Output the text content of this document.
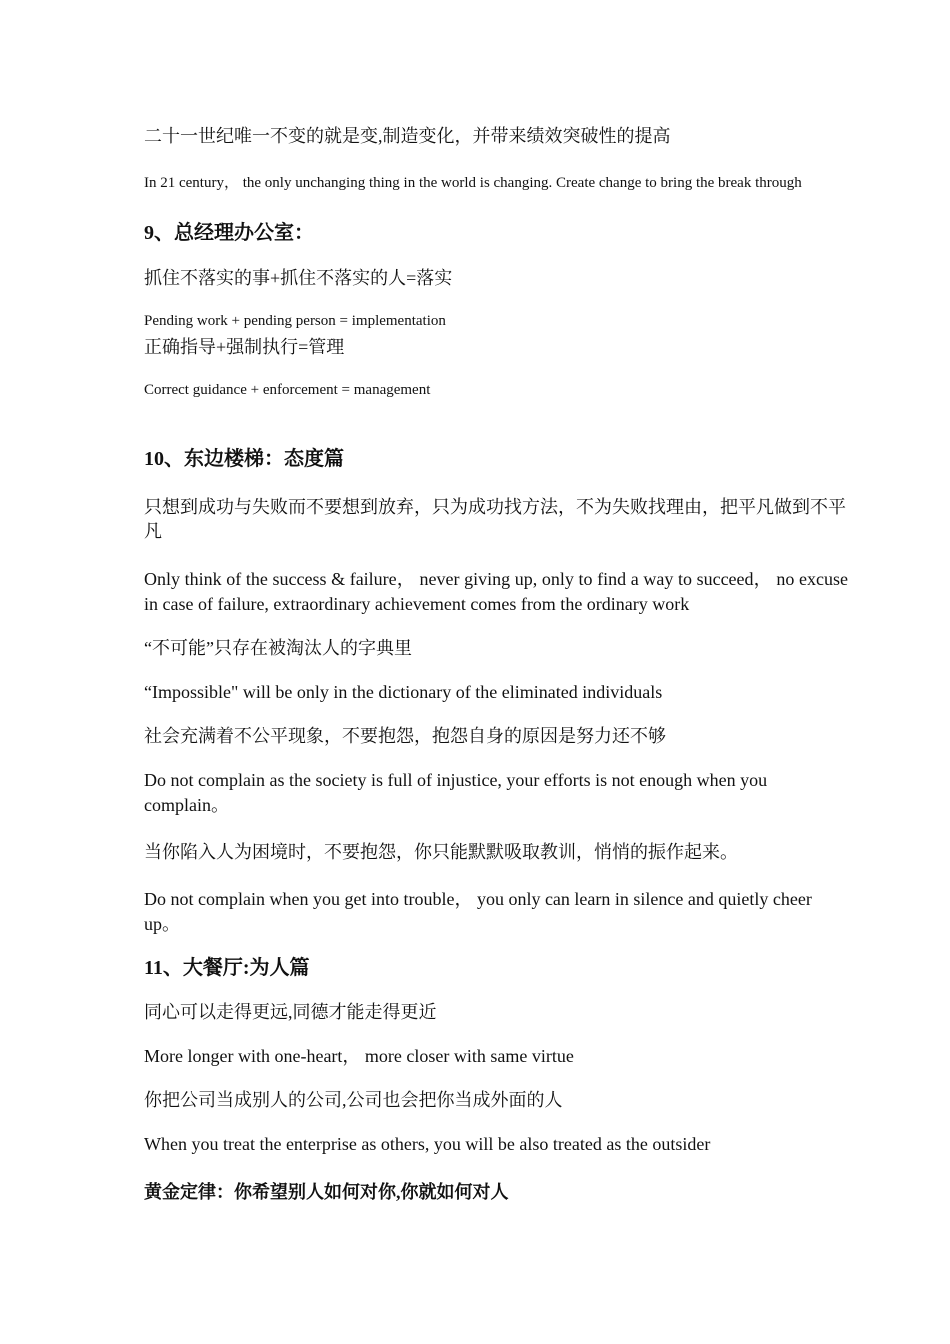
二十一世纪唯一不变的就是变,制造变化，并带来绩效突破性的提高

In 21 century， the only unchanging thing in the world is changing. Create change to bring the break through

9、总经理办公室：

抓住不落实的事+抓住不落实的人=落实

Pending work + pending person = implementation

正确指导+强制执行=管理

Correct guidance + enforcement = management

10、东边楼梯：态度篇

只想到成功与失败而不要想到放弃，只为成功找方法，不为失败找理由，把平凡做到不平凡

Only think of the success & failure， never giving up, only to find a way to succeed， no excuse in case of failure, extraordinary achievement comes from the ordinary work

“不可能”只存在被淘汰人的字典里

“Impossible" will be only in the dictionary of the eliminated individuals

社会充满着不公平现象，不要抱怨，抱怨自身的原因是努力还不够

Do not complain as the society is full of injustice, your efforts is not enough when you complain。

当你陷入人为困境时，不要抱怨，你只能默默吸取教训，悄悄的振作起来。

Do not complain when you get into trouble， you only can learn in silence and quietly cheer up。

11、大餐厅:为人篇

同心可以走得更远,同德才能走得更近

More longer with one-heart， more closer with same virtue

你把公司当成别人的公司,公司也会把你当成外面的人

When you treat the enterprise as others, you will be also treated as the outsider

黄金定律：你希望别人如何对你,你就如何对人
